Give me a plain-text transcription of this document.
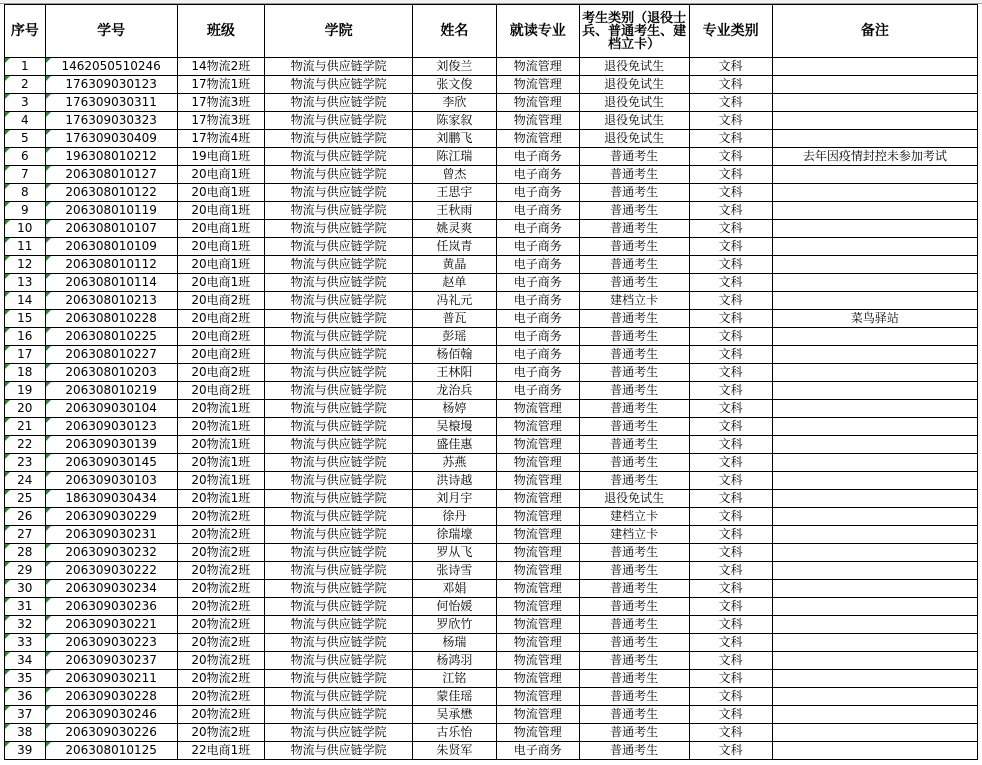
序号	学号	班级	学院	姓名	就读专业	考生类别（退役士兵、普通考生、建档立卡）	专业类别	备注
1	1462050510246	14物流2班	物流与供应链学院	刘俊兰	物流管理	退役免试生	文科	
2	176309030123	17物流1班	物流与供应链学院	张文俊	物流管理	退役免试生	文科	
3	176309030311	17物流3班	物流与供应链学院	李欣	物流管理	退役免试生	文科	
4	176309030323	17物流3班	物流与供应链学院	陈家叙	物流管理	退役免试生	文科	
5	176309030409	17物流4班	物流与供应链学院	刘鹏飞	物流管理	退役免试生	文科	
6	196308010212	19电商1班	物流与供应链学院	陈江瑞	电子商务	普通考生	文科	去年因疫情封控未参加考试
7	206308010127	20电商1班	物流与供应链学院	曾杰	电子商务	普通考生	文科	
8	206308010122	20电商1班	物流与供应链学院	王思宇	电子商务	普通考生	文科	
9	206308010119	20电商1班	物流与供应链学院	王秋雨	电子商务	普通考生	文科	
10	206308010107	20电商1班	物流与供应链学院	姚灵爽	电子商务	普通考生	文科	
11	206308010109	20电商1班	物流与供应链学院	任岚青	电子商务	普通考生	文科	
12	206308010112	20电商1班	物流与供应链学院	黄晶	电子商务	普通考生	文科	
13	206308010114	20电商1班	物流与供应链学院	赵单	电子商务	普通考生	文科	
14	206308010213	20电商2班	物流与供应链学院	冯礼元	电子商务	建档立卡	文科	
15	206308010228	20电商2班	物流与供应链学院	普瓦	电子商务	普通考生	文科	菜鸟驿站
16	206308010225	20电商2班	物流与供应链学院	彭瑶	电子商务	普通考生	文科	
17	206308010227	20电商2班	物流与供应链学院	杨佰翰	电子商务	普通考生	文科	
18	206308010203	20电商2班	物流与供应链学院	王林阳	电子商务	普通考生	文科	
19	206308010219	20电商2班	物流与供应链学院	龙治兵	电子商务	普通考生	文科	
20	206309030104	20物流1班	物流与供应链学院	杨婷	物流管理	普通考生	文科	
21	206309030123	20物流1班	物流与供应链学院	吴榱墁	物流管理	普通考生	文科	
22	206309030139	20物流1班	物流与供应链学院	盛佳惠	物流管理	普通考生	文科	
23	206309030145	20物流1班	物流与供应链学院	苏燕	物流管理	普通考生	文科	
24	206309030103	20物流1班	物流与供应链学院	洪诗越	物流管理	普通考生	文科	
25	186309030434	20物流1班	物流与供应链学院	刘月宇	物流管理	退役免试生	文科	
26	206309030229	20物流2班	物流与供应链学院	徐丹	物流管理	建档立卡	文科	
27	206309030231	20物流2班	物流与供应链学院	徐瑞壕	物流管理	建档立卡	文科	
28	206309030232	20物流2班	物流与供应链学院	罗从飞	物流管理	普通考生	文科	
29	206309030222	20物流2班	物流与供应链学院	张诗雪	物流管理	普通考生	文科	
30	206309030234	20物流2班	物流与供应链学院	邓娟	物流管理	普通考生	文科	
31	206309030236	20物流2班	物流与供应链学院	何怡媛	物流管理	普通考生	文科	
32	206309030221	20物流2班	物流与供应链学院	罗欣竹	物流管理	普通考生	文科	
33	206309030223	20物流2班	物流与供应链学院	杨瑞	物流管理	普通考生	文科	
34	206309030237	20物流2班	物流与供应链学院	杨鸿羽	物流管理	普通考生	文科	
35	206309030211	20物流2班	物流与供应链学院	江铭	物流管理	普通考生	文科	
36	206309030228	20物流2班	物流与供应链学院	蒙佳瑶	物流管理	普通考生	文科	
37	206309030246	20物流2班	物流与供应链学院	吴承懋	物流管理	普通考生	文科	
38	206309030226	20物流2班	物流与供应链学院	古乐怡	物流管理	普通考生	文科	
39	206308010125	22电商1班	物流与供应链学院	朱贤军	电子商务	普通考生	文科	
